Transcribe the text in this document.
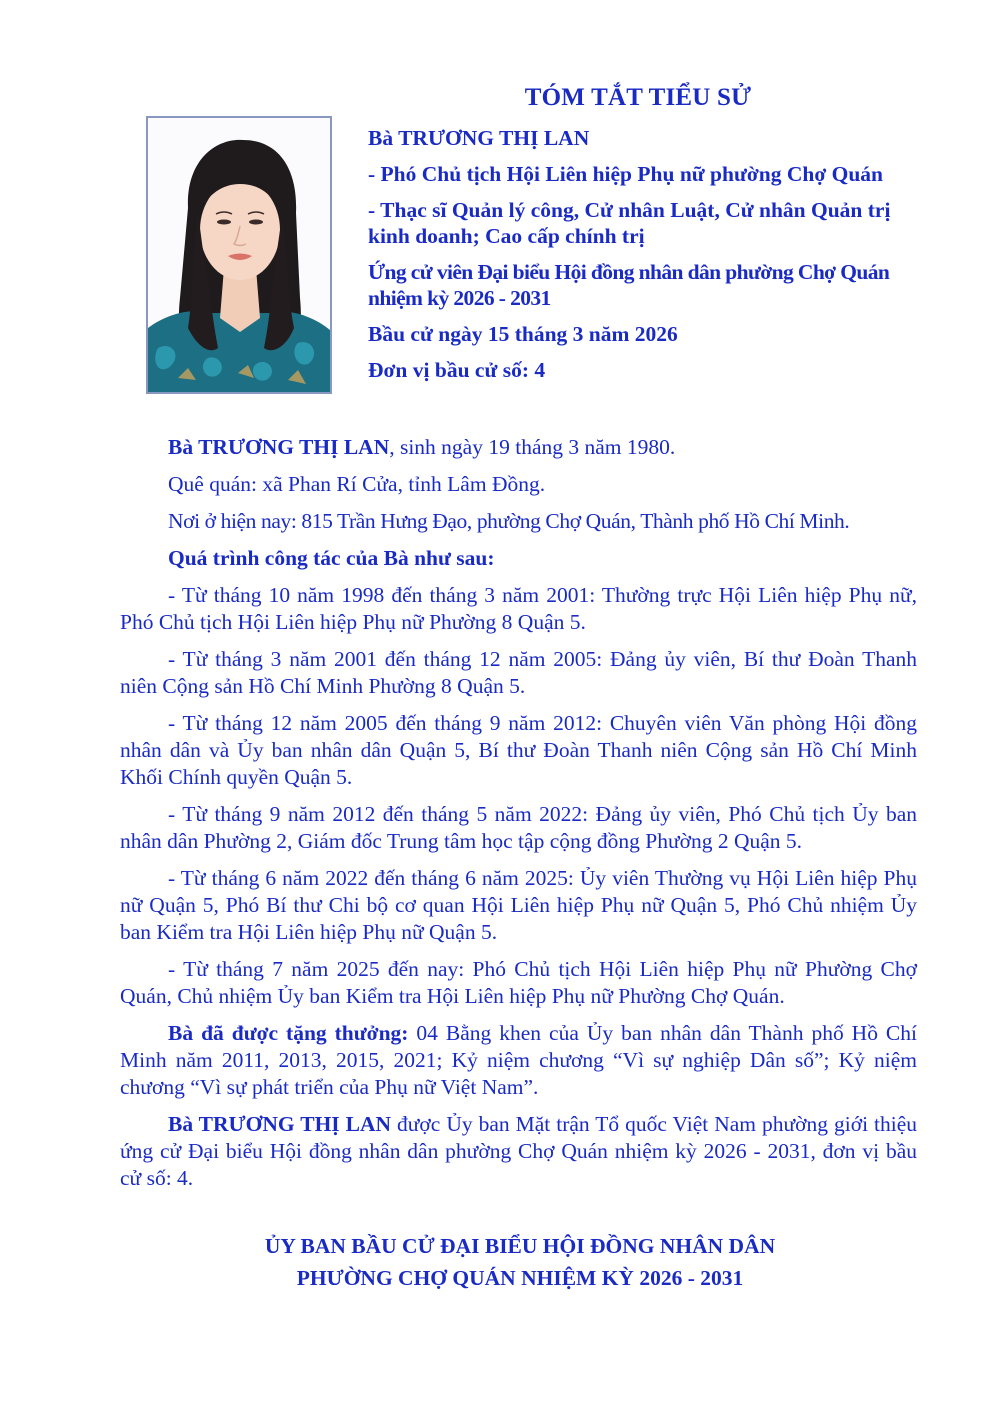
TÓM TẮT TIỂU SỬ
Bà TRƯƠNG THỊ LAN
- Phó Chủ tịch Hội Liên hiệp Phụ nữ phường Chợ Quán
- Thạc sĩ Quản lý công, Cử nhân Luật, Cử nhân Quản trị kinh doanh; Cao cấp chính trị
Ứng cử viên Đại biểu Hội đồng nhân dân phường Chợ Quán nhiệm kỳ 2026 - 2031
Bầu cử ngày 15 tháng 3 năm 2026
Đơn vị bầu cử số: 4

Bà TRƯƠNG THỊ LAN, sinh ngày 19 tháng 3 năm 1980.

Quê quán: xã Phan Rí Cửa, tỉnh Lâm Đồng.

Nơi ở hiện nay: 815 Trần Hưng Đạo, phường Chợ Quán, Thành phố Hồ Chí Minh.

Quá trình công tác của Bà như sau:

- Từ tháng 10 năm 1998 đến tháng 3 năm 2001: Thường trực Hội Liên hiệp Phụ nữ, Phó Chủ tịch Hội Liên hiệp Phụ nữ Phường 8 Quận 5.

- Từ tháng 3 năm 2001 đến tháng 12 năm 2005: Đảng ủy viên, Bí thư Đoàn Thanh niên Cộng sản Hồ Chí Minh Phường 8 Quận 5.

- Từ tháng 12 năm 2005 đến tháng 9 năm 2012: Chuyên viên Văn phòng Hội đồng nhân dân và Ủy ban nhân dân Quận 5, Bí thư Đoàn Thanh niên Cộng sản Hồ Chí Minh Khối Chính quyền Quận 5.

- Từ tháng 9 năm 2012 đến tháng 5 năm 2022: Đảng ủy viên, Phó Chủ tịch Ủy ban nhân dân Phường 2, Giám đốc Trung tâm học tập cộng đồng Phường 2 Quận 5.

- Từ tháng 6 năm 2022 đến tháng 6 năm 2025: Ủy viên Thường vụ Hội Liên hiệp Phụ nữ Quận 5, Phó Bí thư Chi bộ cơ quan Hội Liên hiệp Phụ nữ Quận 5, Phó Chủ nhiệm Ủy ban Kiểm tra Hội Liên hiệp Phụ nữ Quận 5.

- Từ tháng 7 năm 2025 đến nay: Phó Chủ tịch Hội Liên hiệp Phụ nữ Phường Chợ Quán, Chủ nhiệm Ủy ban Kiểm tra Hội Liên hiệp Phụ nữ Phường Chợ Quán.

Bà đã được tặng thưởng: 04 Bằng khen của Ủy ban nhân dân Thành phố Hồ Chí Minh năm 2011, 2013, 2015, 2021; Kỷ niệm chương “Vì sự nghiệp Dân số”; Kỷ niệm chương “Vì sự phát triển của Phụ nữ Việt Nam”.

Bà TRƯƠNG THỊ LAN được Ủy ban Mặt trận Tổ quốc Việt Nam phường giới thiệu ứng cử Đại biểu Hội đồng nhân dân phường Chợ Quán nhiệm kỳ 2026 - 2031, đơn vị bầu cử số: 4.

ỦY BAN BẦU CỬ ĐẠI BIỂU HỘI ĐỒNG NHÂN DÂN
PHƯỜNG CHỢ QUÁN NHIỆM KỲ 2026 - 2031
